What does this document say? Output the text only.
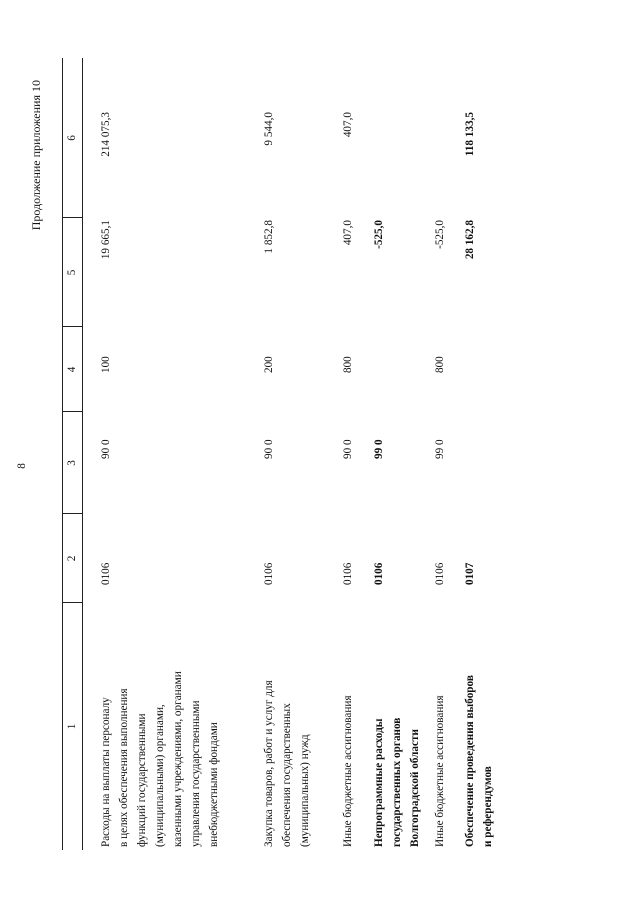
8
Продолжение приложения 10
1
2
3
4
5
6
Расходы на выплаты персоналу в целях обеспечения выполнения функций государственными (муниципальными) органами, казенными учреждениями, органами управления государственными внебюджетными фондами
0106
90 0
100
19 665,1
214 075,3
Закупка товаров, работ и услуг для обеспечения государственных (муниципальных) нужд
0106
90 0
200
1 852,8
9 544,0
Иные бюджетные ассигнования
0106
90 0
800
407,0
407,0
Непрограммные расходы государственных органов Волгоградской области
0106
99 0
-525,0
Иные бюджетные ассигнования
0106
99 0
800
-525,0
Обеспечение проведения выборов и референдумов
0107
28 162,8
118 133,5
